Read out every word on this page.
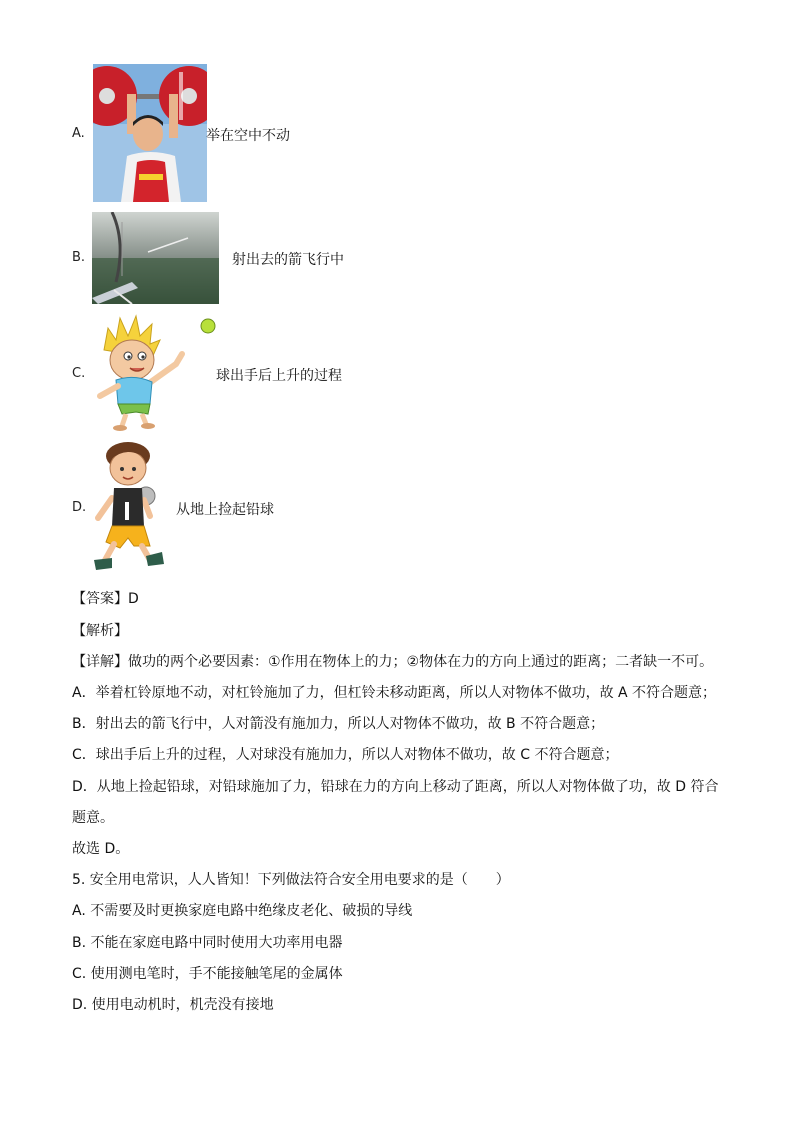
A.	举在空中不动
B.	射出去的箭飞行中
C.	球出手后上升的过程
D.	从地上捡起铅球
【答案】D
【解析】
【详解】做功的两个必要因素：①作用在物体上的力；②物体在力的方向上通过的距离；二者缺一不可。
A．举着杠铃原地不动，对杠铃施加了力，但杠铃未移动距离，所以人对物体不做功，故 A 不符合题意；
B．射出去的箭飞行中，人对箭没有施加力，所以人对物体不做功，故 B 不符合题意；
C．球出手后上升的过程，人对球没有施加力，所以人对物体不做功，故 C 不符合题意；
D．从地上捡起铅球，对铅球施加了力，铅球在力的方向上移动了距离，所以人对物体做了功，故 D 符合
题意。
故选 D。
5. 安全用电常识，人人皆知！下列做法符合安全用电要求的是（　　）
A. 不需要及时更换家庭电路中绝缘皮老化、破损的导线
B. 不能在家庭电路中同时使用大功率用电器
C. 使用测电笔时，手不能接触笔尾的金属体
D. 使用电动机时，机壳没有接地
